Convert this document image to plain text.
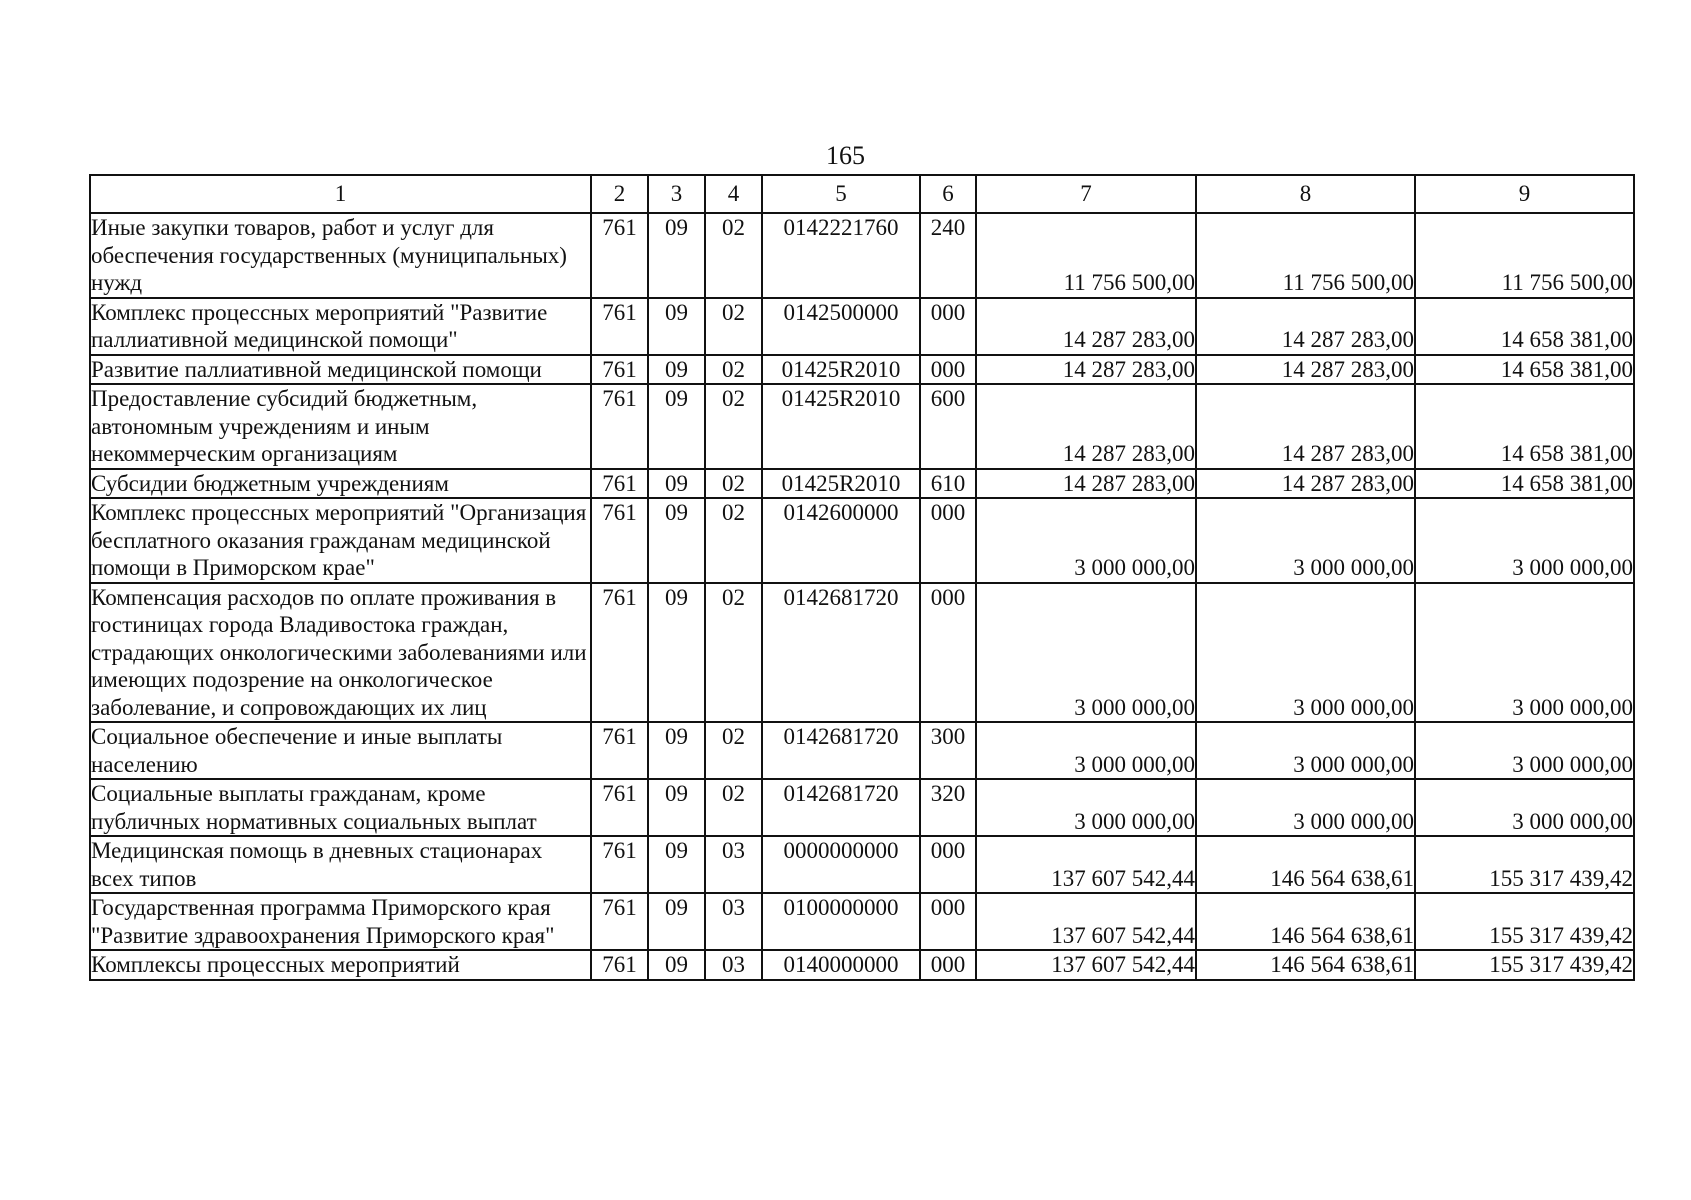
165
1	2	3	4	5	6	7	8	9
Иные закупки товаров, работ и услуг для обеспечения государственных (муниципальных) нужд	761	09	02	0142221760	240	11 756 500,00	11 756 500,00	11 756 500,00
Комплекс процессных мероприятий "Развитие паллиативной медицинской помощи"	761	09	02	0142500000	000	14 287 283,00	14 287 283,00	14 658 381,00
Развитие паллиативной медицинской помощи	761	09	02	01425R2010	000	14 287 283,00	14 287 283,00	14 658 381,00
Предоставление субсидий бюджетным, автономным учреждениям и иным некоммерческим организациям	761	09	02	01425R2010	600	14 287 283,00	14 287 283,00	14 658 381,00
Субсидии бюджетным учреждениям	761	09	02	01425R2010	610	14 287 283,00	14 287 283,00	14 658 381,00
Комплекс процессных мероприятий "Организация бесплатного оказания гражданам медицинской помощи в Приморском крае"	761	09	02	0142600000	000	3 000 000,00	3 000 000,00	3 000 000,00
Компенсация расходов по оплате проживания в гостиницах города Владивостока граждан, страдающих онкологическими заболеваниями или имеющих подозрение на онкологическое заболевание, и сопровождающих их лиц	761	09	02	0142681720	000	3 000 000,00	3 000 000,00	3 000 000,00
Социальное обеспечение и иные выплаты населению	761	09	02	0142681720	300	3 000 000,00	3 000 000,00	3 000 000,00
Социальные выплаты гражданам, кроме публичных нормативных социальных выплат	761	09	02	0142681720	320	3 000 000,00	3 000 000,00	3 000 000,00
Медицинская помощь в дневных стационарах всех типов	761	09	03	0000000000	000	137 607 542,44	146 564 638,61	155 317 439,42
Государственная программа Приморского края "Развитие здравоохранения Приморского края"	761	09	03	0100000000	000	137 607 542,44	146 564 638,61	155 317 439,42
Комплексы процессных мероприятий	761	09	03	0140000000	000	137 607 542,44	146 564 638,61	155 317 439,42
